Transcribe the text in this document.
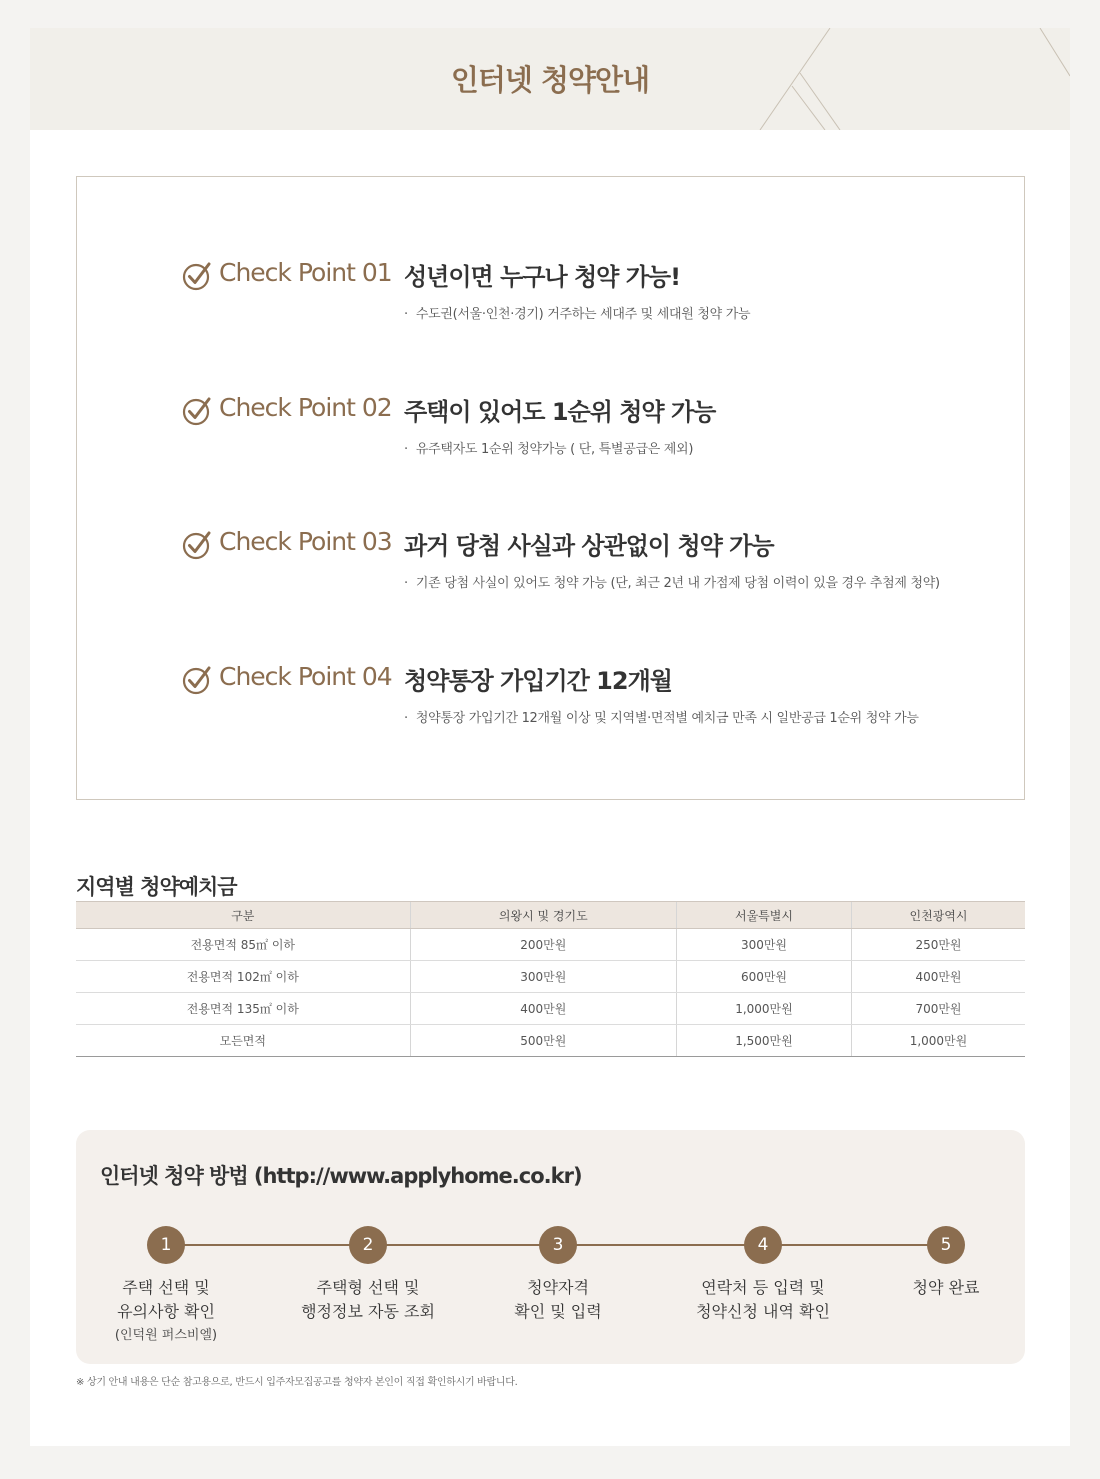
인터넷 청약안내
Check Point 01 성년이면 누구나 청약 가능!
· 수도권(서울·인천·경기) 거주하는 세대주 및 세대원 청약 가능
Check Point 02 주택이 있어도 1순위 청약 가능
· 유주택자도 1순위 청약가능 ( 단, 특별공급은 제외)
Check Point 03 과거 당첨 사실과 상관없이 청약 가능
· 기존 당첨 사실이 있어도 청약 가능 (단, 최근 2년 내 가점제 당첨 이력이 있을 경우 추첨제 청약)
Check Point 04 청약통장 가입기간 12개월
· 청약통장 가입기간 12개월 이상 및 지역별·면적별 예치금 만족 시 일반공급 1순위 청약 가능
지역별 청약예치금
구분	의왕시 및 경기도	서울특별시	인천광역시
전용면적 85㎡ 이하	200만원	300만원	250만원
전용면적 102㎡ 이하	300만원	600만원	400만원
전용면적 135㎡ 이하	400만원	1,000만원	700만원
모든면적	500만원	1,500만원	1,000만원
인터넷 청약 방법 (http://www.applyhome.co.kr)
1
주택 선택 및
유의사항 확인
(인덕원 퍼스비엘)
2
주택형 선택 및
행정정보 자동 조회
3
청약자격
확인 및 입력
4
연락처 등 입력 및
청약신청 내역 확인
5
청약 완료
※ 상기 안내 내용은 단순 참고용으로, 반드시 입주자모집공고를 청약자 본인이 직접 확인하시기 바랍니다.
